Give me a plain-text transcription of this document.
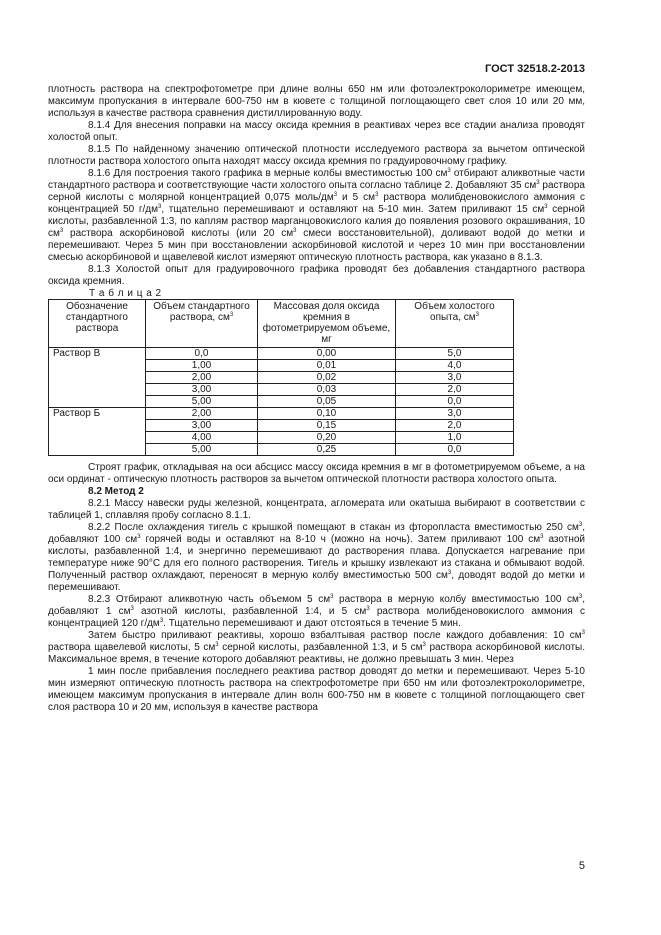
ГОСТ 32518.2-2013

плотность раствора на спектрофотометре при длине волны 650 нм или фотоэлектроколориметре имеющем, максимум пропускания в интервале 600-750 нм в кювете с толщиной поглощающего свет слоя 10 или 20 мм, используя в качестве раствора сравнения дистиллированную воду.

8.1.4 Для внесения поправки на массу оксида кремния в реактивах через все стадии анализа проводят холостой опыт.

8.1.5 По найденному значению оптической плотности исследуемого раствора за вычетом оптической плотности раствора холостого опыта находят массу оксида кремния по градуировочному графику.

8.1.6 Для построения такого графика в мерные колбы вместимостью 100 $см^3$ отбирают аликвотные части стандартного раствора и соответствующие части холостого опыта согласно таблице 2. Добавляют 35 $см^3$ раствора серной кислоты с молярной концентрацией 0,075 моль/$дм^3$ и 5 $см^3$ раствора молибденовокислого аммония с концентрацией 50 $г/дм^3$, тщательно перемешивают и оставляют на 5-10 мин. Затем приливают 15 $см^3$ серной кислоты, разбавленной 1:3, по каплям раствор марганцовокислого калия до появления розового окрашивания, 10 $см^3$ раствора аскорбиновой кислоты (или 20 $см^3$ смеси восстановительной), доливают водой до метки и перемешивают. Через 5 мин при восстановлении аскорбиновой кислотой и через 10 мин при восстановлении смесью аскорбиновой и щавелевой кислот измеряют оптическую плотность раствора, как указано в 8.1.3.

8.1.3 Холостой опыт для градуировочного графика проводят без добавления стандартного раствора оксида кремния.

Т а б л и ц а 2
Обозначение стандартного раствора	Объем стандартного раствора, $см^3$	Массовая доля оксида кремния в фотометрируемом объеме, мг	Объем холостого опыта, $см^3$
Раствор В	0,0	0,00	5,0
	1,00	0,01	4,0
	2,00	0,02	3,0
	3,00	0,03	2,0
	5,00	0,05	0,0
Раствор Б	2,00	0,10	3,0
	3,00	0,15	2,0
	4,00	0,20	1,0
	5,00	0,25	0,0

Строят график, откладывая на оси абсцисс массу оксида кремния в мг в фотометрируемом объеме, а на оси ординат - оптическую плотность растворов за вычетом оптической плотности раствора холостого опыта.

8.2 Метод 2

8.2.1 Массу навески руды железной, концентрата, агломерата или окатыша выбирают в соответствии с таблицей 1, сплавляя пробу согласно 8.1.1.

8.2.2 После охлаждения тигель с крышкой помещают в стакан из фторопласта вместимостью 250 $см^3$, добавляют 100 $см^3$ горячей воды и оставляют на 8-10 ч (можно на ночь). Затем приливают 100 $см^3$ азотной кислоты, разбавленной 1:4, и энергично перемешивают до растворения плава. Допускается нагревание при температуре ниже 90°С для его полного растворения. Тигель и крышку извлекают из стакана и обмывают водой. Полученный раствор охлаждают, переносят в мерную колбу вместимостью 500 $см^3$, доводят водой до метки и перемешивают.

8.2.3 Отбирают аликвотную часть объемом 5 $см^3$ раствора в мерную колбу вместимостью 100 $см^3$, добавляют 1 $см^3$ азотной кислоты, разбавленной 1:4, и 5 $см^3$ раствора молибденовокислого аммония с концентрацией 120 $г/дм^3$. Тщательно перемешивают и дают отстояться в течение 5 мин.

Затем быстро приливают реактивы, хорошо взбалтывая раствор после каждого добавления: 10 $см^3$ раствора щавелевой кислоты, 5 $см^3$ серной кислоты, разбавленной 1:3, и 5 $см^3$ раствора аскорбиновой кислоты. Максимальное время, в течение которого добавляют реактивы, не должно превышать 3 мин. Через

1 мин после прибавления последнего реактива раствор доводят до метки и перемешивают. Через 5-10 мин измеряют оптическую плотность раствора на спектрофотометре при 650 нм или фотоэлектроколориметре, имеющем максимум пропускания в интервале длин волн 600-750 нм в кювете с толщиной поглощающего свет слоя раствора 10 и 20 мм, используя в качестве раствора

5
